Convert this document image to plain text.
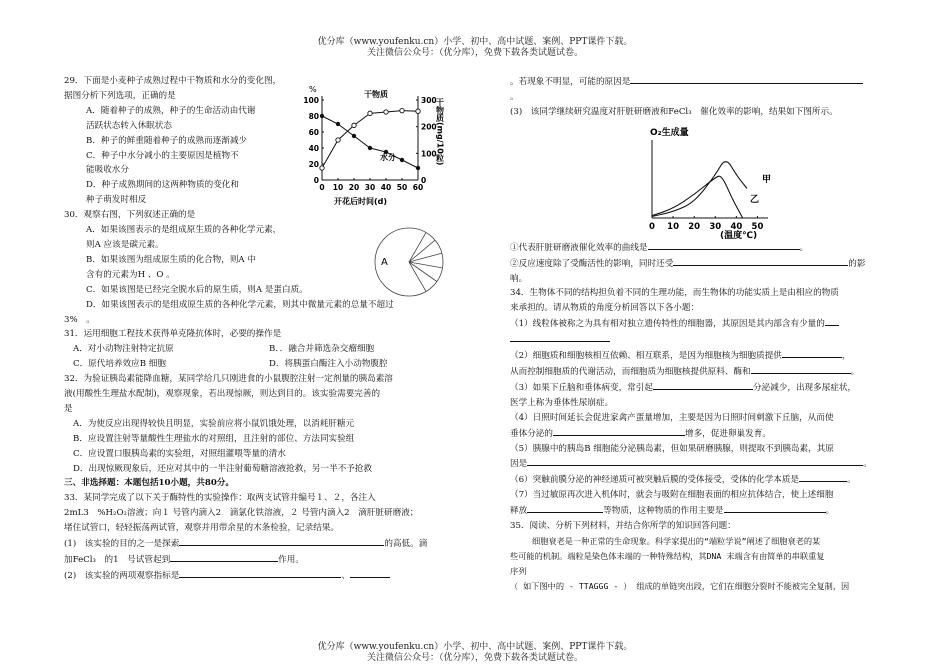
优分库（www.youfenku.cn）小学、初中、高中试题、案例、PPT课件下载。
关注微信公众号：（优分库），免费下载各类试题试卷。
29．下面是小麦种子成熟过程中干物质和水分的变化图，
据图分析下列选项，正确的是
A．随着种子的成熟，种子的生命活动由代谢
活跃状态转入休眠状态
B．种子的鲜重随着种子的成熟而逐渐减少
C．种子中水分减小的主要原因是植物不
能吸收水分
D．种子成熟期间的这两种物质的变化和
种子萌发时相反
30．观察右图，下列叙述正确的是
A．如果该图表示的是组成原生质的各种化学元素，
则A 应该是碳元素。
B．如果该图为组成原生质的化合物，则A 中
含有的元素为H 、O 。
C．如果该图是已经完全脱水后的原生质，则A 是蛋白质。
D．如果该图表示的是组成原生质的各种化学元素，则其中微量元素的总量不超过
3%　。
31．运用细胞工程技术获得单克隆抗体时，必要的操作是
A．对小动物注射特定抗原	B．．融合并筛选杂交瘤细胞
C．原代培养效应B 细胞	D．将胰蛋白酶注入小动物腹腔
32．为验证胰岛素能降血糖，某同学给几只刚进食的小鼠腹腔注射一定剂量的胰岛素溶
液(用酸性生理盐水配制)，观察现象，若出现惊厥，则达到目的。该实验需要完善的
是
A．为使反应出现得较快且明显，实验前应将小鼠饥饿处理，以消耗肝糖元
B．应设置注射等量酸性生理盐水的对照组，且注射的部位、方法同实验组
C．应设置口服胰岛素的实验组，对照组灌喂等量的清水
D．出现惊厥现象后，还应对其中的一半注射葡萄糖溶液抢救，另一半不予抢救
三、非选择题：本题包括10小题，共80分。
33．某同学完成了以下关于酶特性的实验操作：取两支试管并编号１、２，各注入
2mL3　%H₂O₂溶液；向１ 号管内滴入2　滴氯化铁溶液，２ 号管内滴入2　滴肝脏研磨液；
堵住试管口，轻轻振荡两试管，观察并用带余星的木条检验，记录结果。
(1)　该实验的目的之一是探索	的高低。滴
加FeCl₃　的1　号试管起到	作用。
(2)　该实验的两项观察指标是	、
0 10 20 30 40 50 60
0
20
40
60
80
100
0
100
200
300
%
干物质
水分
开花后时间(d)
干物质(mg/10粒)
A
。若现象不明显，可能的原因是
。
(3)　该同学继续研究温度对肝脏研磨液和FeCl₃　催化效率的影响，结果如下图所示。
①代表肝脏研磨液催化效率的曲线是	。
②反应速度除了受酶活性的影响，同时还受	的影
响。
34．生物体不同的结构担负着不同的生理功能，而生物体的功能实质上是由相应的物质
来承担的。请从物质的角度分析回答以下各小题：
（1）线粒体被称之为具有相对独立遗传特性的细胞器，其原因是其内部含有少量的
（2）细胞质和细胞核相互依赖、相互联系，是因为细胞核为细胞质提供	，
从而控制细胞质的代谢活动，而细胞质为细胞核提供原料、酶和	。
（3）如果下丘脑和垂体病变，常引起	分泌减少，出现多尿症状，
医学上称为垂体性尿崩症。
（4）日照时间延长会促进家禽产蛋量增加，主要是因为日照时间刺激下丘脑，从而使
垂体分泌的	增多，促进卵巢发育。
（5）胰腺中的胰岛B 细胞能分泌胰岛素，但如果研磨胰腺，则提取不到胰岛素，其原
因是	。
（6）突触前膜分泌的神经递质可被突触后膜的受体接受，受体的化学本质是	。
（7）当过敏原再次进入机体时，就会与吸附在细胞表面的相应抗体结合，使上述细胞
释放	等物质，这种物质的作用主要是	。
35．阅读、分析下列材料，并结合你所学的知识回答问题：
细胞衰老是一种正常的生命现象。科学家提出的“端粒学说”阐述了细胞衰老的某
些可能的机制。端粒是染色体末端的一种特殊结构，其DNA 末端含有由简单的串联重复
序列
（ 如下图中的 - TTAGGG - ） 组成的单链突出段，它们在细胞分裂时不能被完全复制，因
0 10 20 30 40 50
O₂生成量
甲
乙
(温度℃)
优分库（www.youfenku.cn）小学、初中、高中试题、案例、PPT课件下载。
关注微信公众号：（优分库），免费下载各类试题试卷。
